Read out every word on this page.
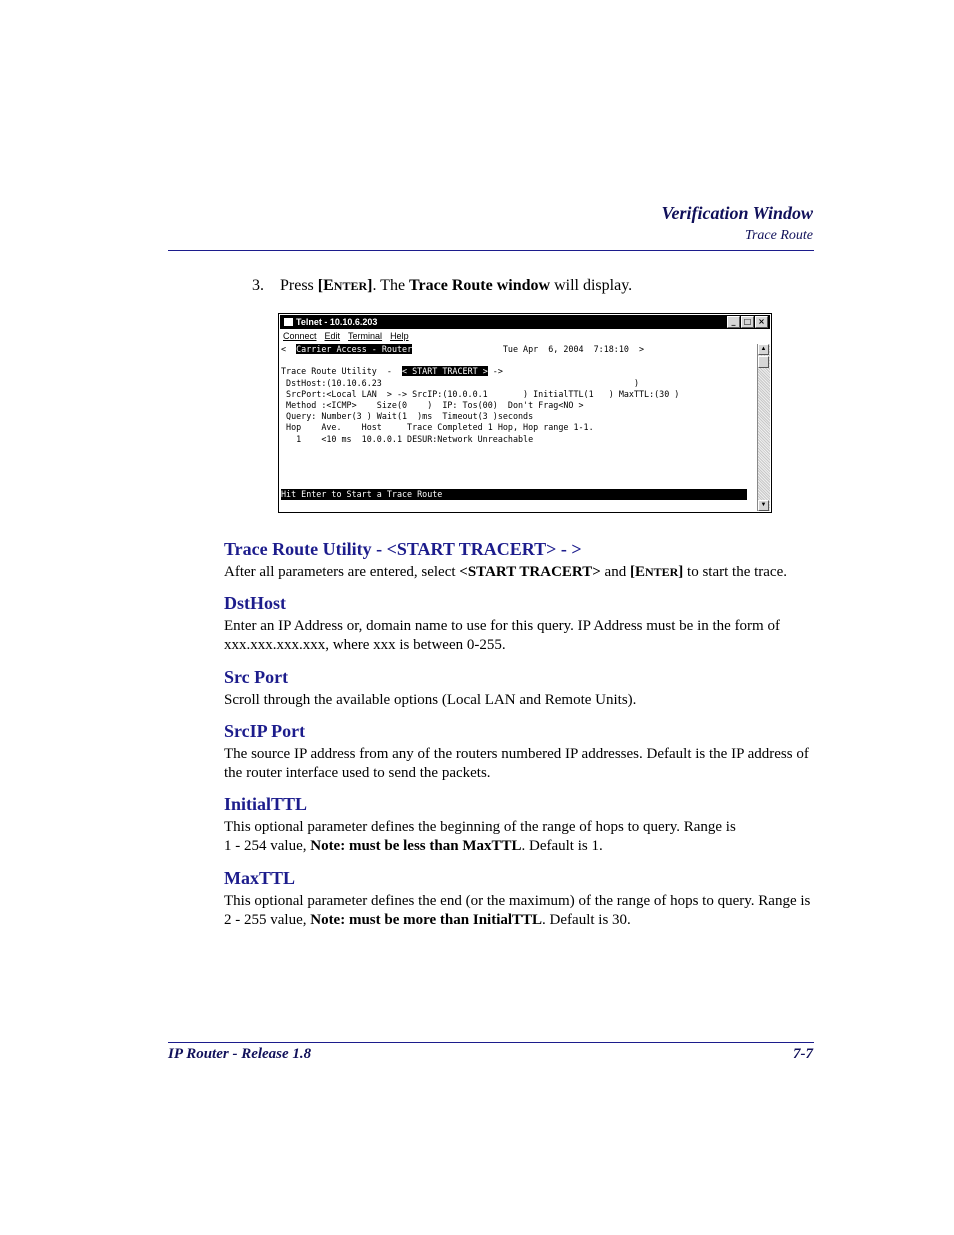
Verification Window
Trace Route
3. Press [ENTER]. The Trace Route window will display.
Telnet - 10.10.6.203	_	□ ×
Connect Edit Terminal Help
<  Carrier Access - Router                  Tue Apr  6, 2004  7:18:10  >

Trace Route Utility  -  < START TRACERT > ->
DstHost:(10.10.6.23                                                  )
SrcPort:<Local LAN  > -> SrcIP:(10.0.0.1       ) InitialTTL(1   ) MaxTTL:(30 )
Method :<ICMP>    Size(0    )  IP: Tos(00)  Don't Frag<NO >
Query: Number(3 ) Wait(1  )ms  Timeout(3 )seconds
Hop    Ave.    Host     Trace Completed 1 Hop, Hop range 1-1.
1    <10 ms  10.0.0.1 DESUR:Network Unreachable
Hit Enter to Start a Trace Route
▲
▼
Trace Route Utility - <START TRACERT> - >

After all parameters are entered, select <START TRACERT> and [ENTER] to start the trace.

DstHost

Enter an IP Address or, domain name to use for this query. IP Address must be in the form of xxx.xxx.xxx.xxx, where xxx is between 0-255.

Src Port

Scroll through the available options (Local LAN and Remote Units).

SrcIP Port

The source IP address from any of the routers numbered IP addresses. Default is the IP address of the router interface used to send the packets.

InitialTTL

This optional parameter defines the beginning of the range of hops to query. Range is
1 - 254 value, Note: must be less than MaxTTL. Default is 1.

MaxTTL

This optional parameter defines the end (or the maximum) of the range of hops to query. Range is 2 - 255 value, Note: must be more than InitialTTL. Default is 30.

IP Router - Release 1.8	7-7
